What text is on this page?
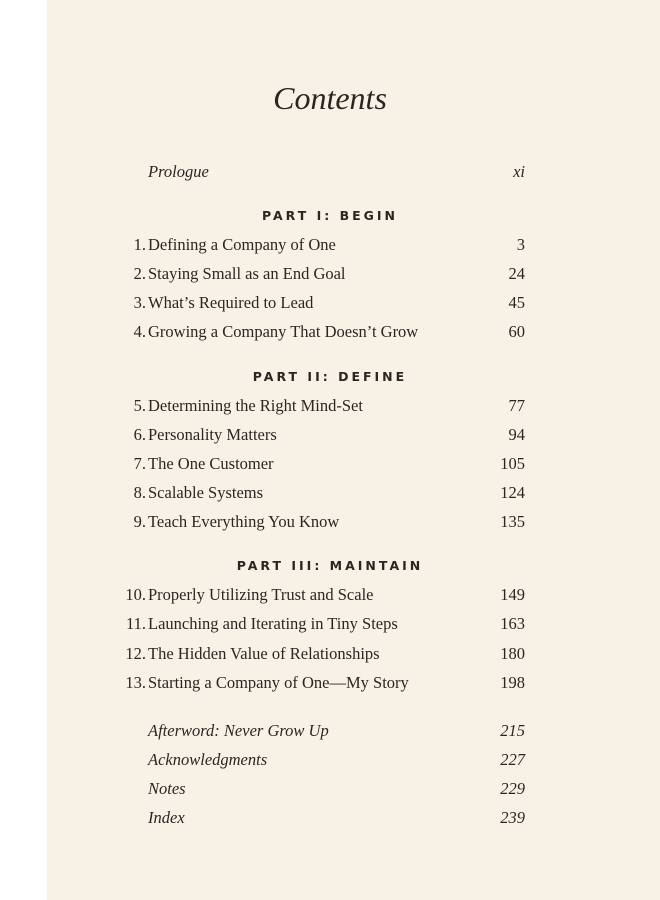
Contents
Prologue	xi
PART I: BEGIN
1. Defining a Company of One	3
2. Staying Small as an End Goal	24
3. What’s Required to Lead	45
4. Growing a Company That Doesn’t Grow	60
PART II: DEFINE
5. Determining the Right Mind-Set	77
6. Personality Matters	94
7. The One Customer	105
8. Scalable Systems	124
9. Teach Everything You Know	135
PART III: MAINTAIN
10. Properly Utilizing Trust and Scale	149
11. Launching and Iterating in Tiny Steps	163
12. The Hidden Value of Relationships	180
13. Starting a Company of One—My Story	198
Afterword: Never Grow Up	215
Acknowledgments	227
Notes	229
Index	239
